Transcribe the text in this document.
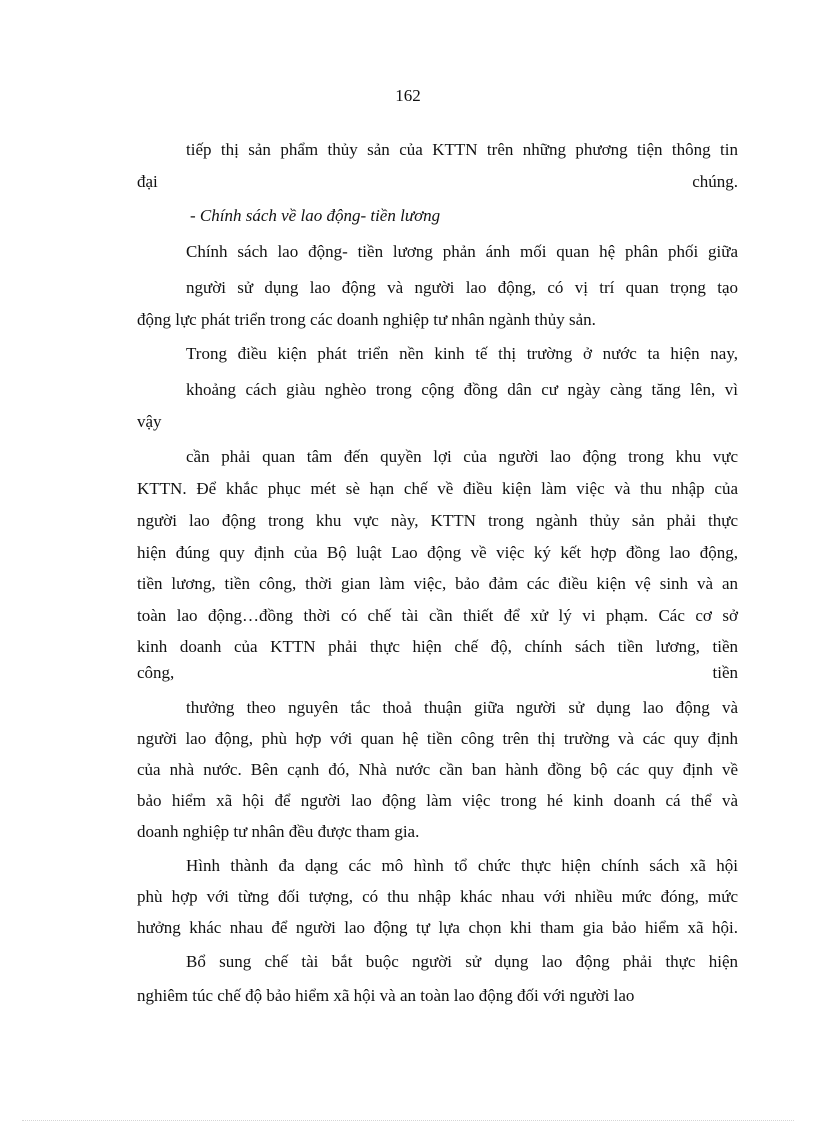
162
tiếp thị sản phẩm thủy sản của KTTN trên những phương tiện thông tin
đại	chúng.
- Chính sách về lao động- tiền lương
Chính sách lao động- tiền lương phản ánh mối quan hệ phân phối giữa
người sử dụng lao động và người lao động, có vị trí quan trọng tạo
động lực phát triển trong các doanh nghiệp tư nhân ngành thủy sản.
Trong điều kiện phát triển nền kinh tế thị trường ở nước ta hiện nay,
khoảng cách giàu nghèo trong cộng đồng dân cư ngày càng tăng lên, vì
vậy
cần phải quan tâm đến quyền lợi của người lao động trong khu vực
KTTN. Để khắc phục mét sè hạn chế về điều kiện làm việc và thu nhập của
người lao động trong khu vực này, KTTN trong ngành thủy sản phải thực
hiện đúng quy định của Bộ luật Lao động về việc ký kết hợp đồng lao động,
tiền lương, tiền công, thời gian làm việc, bảo đảm các điều kiện vệ sinh và an
toàn lao động…đồng thời có chế tài cần thiết để xử lý vi phạm. Các cơ sở
kinh doanh của KTTN phải thực hiện chế độ, chính sách tiền lương, tiền
công,	tiền
thưởng theo nguyên tắc thoả thuận giữa người sử dụng lao động và
người lao động, phù hợp với quan hệ tiền công trên thị trường và các quy định
của nhà nước. Bên cạnh đó, Nhà nước cần ban hành đồng bộ các quy định về
bảo hiểm xã hội để người lao động làm việc trong hé kinh doanh cá thể và
doanh nghiệp tư nhân đều được tham gia.
Hình thành đa dạng các mô hình tổ chức thực hiện chính sách xã hội
phù hợp với từng đối tượng, có thu nhập khác nhau với nhiều mức đóng, mức
hưởng khác nhau để người lao động tự lựa chọn khi tham gia bảo hiểm xã hội.
Bổ sung chế tài bắt buộc người sử dụng lao động phải thực hiện
nghiêm túc chế độ bảo hiểm xã hội và an toàn lao động đối với người lao
